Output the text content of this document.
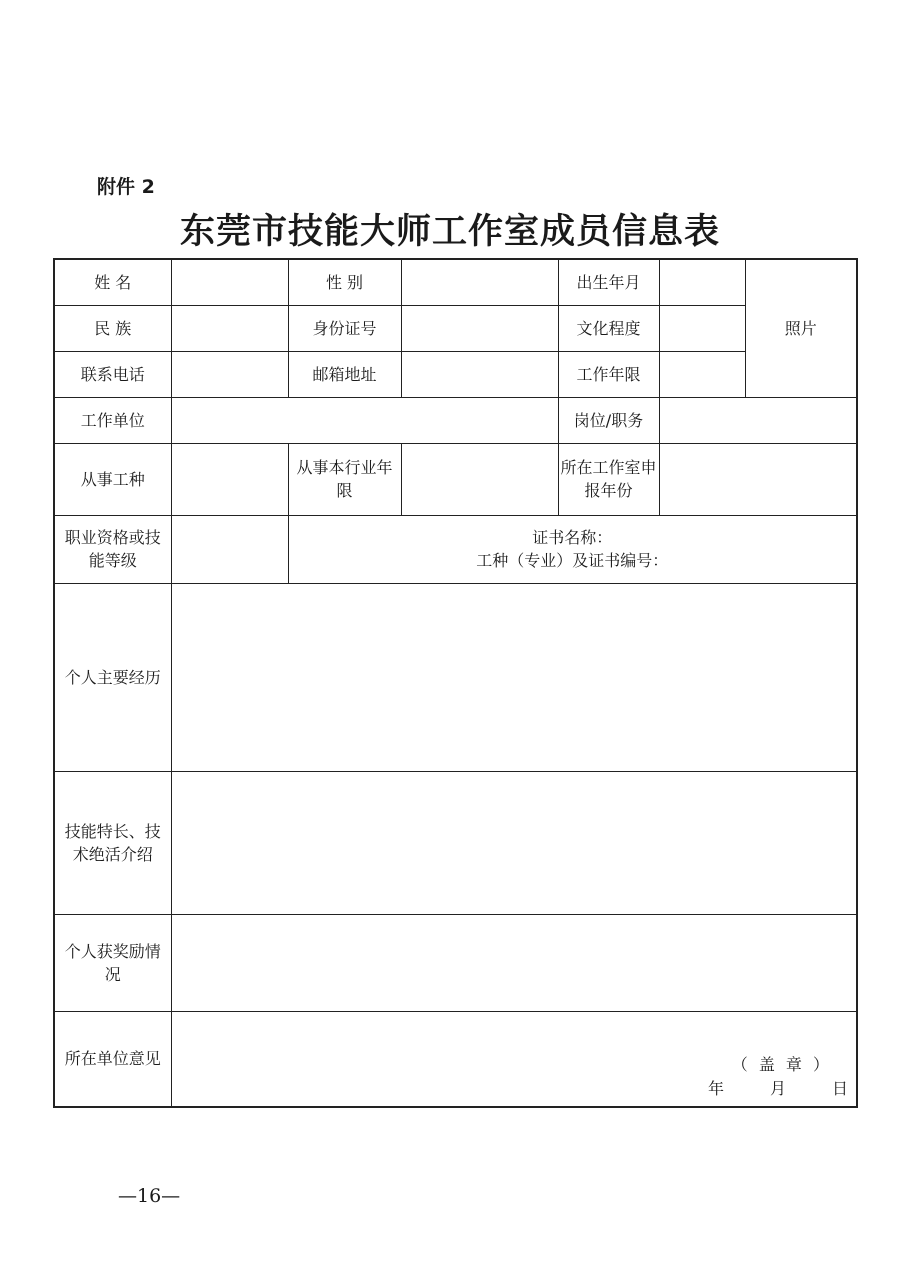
附件 2
东莞市技能大师工作室成员信息表
姓 名		性 别		出生年月		照片
民 族		身份证号		文化程度		
联系电话		邮箱地址		工作年限		
工作单位				岗位/职务		
从事工种		从事本行业年限		所在工作室申报年份		
职业资格或技能等级		证书名称：
工种（专业）及证书编号：				

个人主要经历						
技能特长、技术绝活介绍						
个人获奖励情况						
所在单位意见	（ 盖 章 ）
年 月 日					
—16—
